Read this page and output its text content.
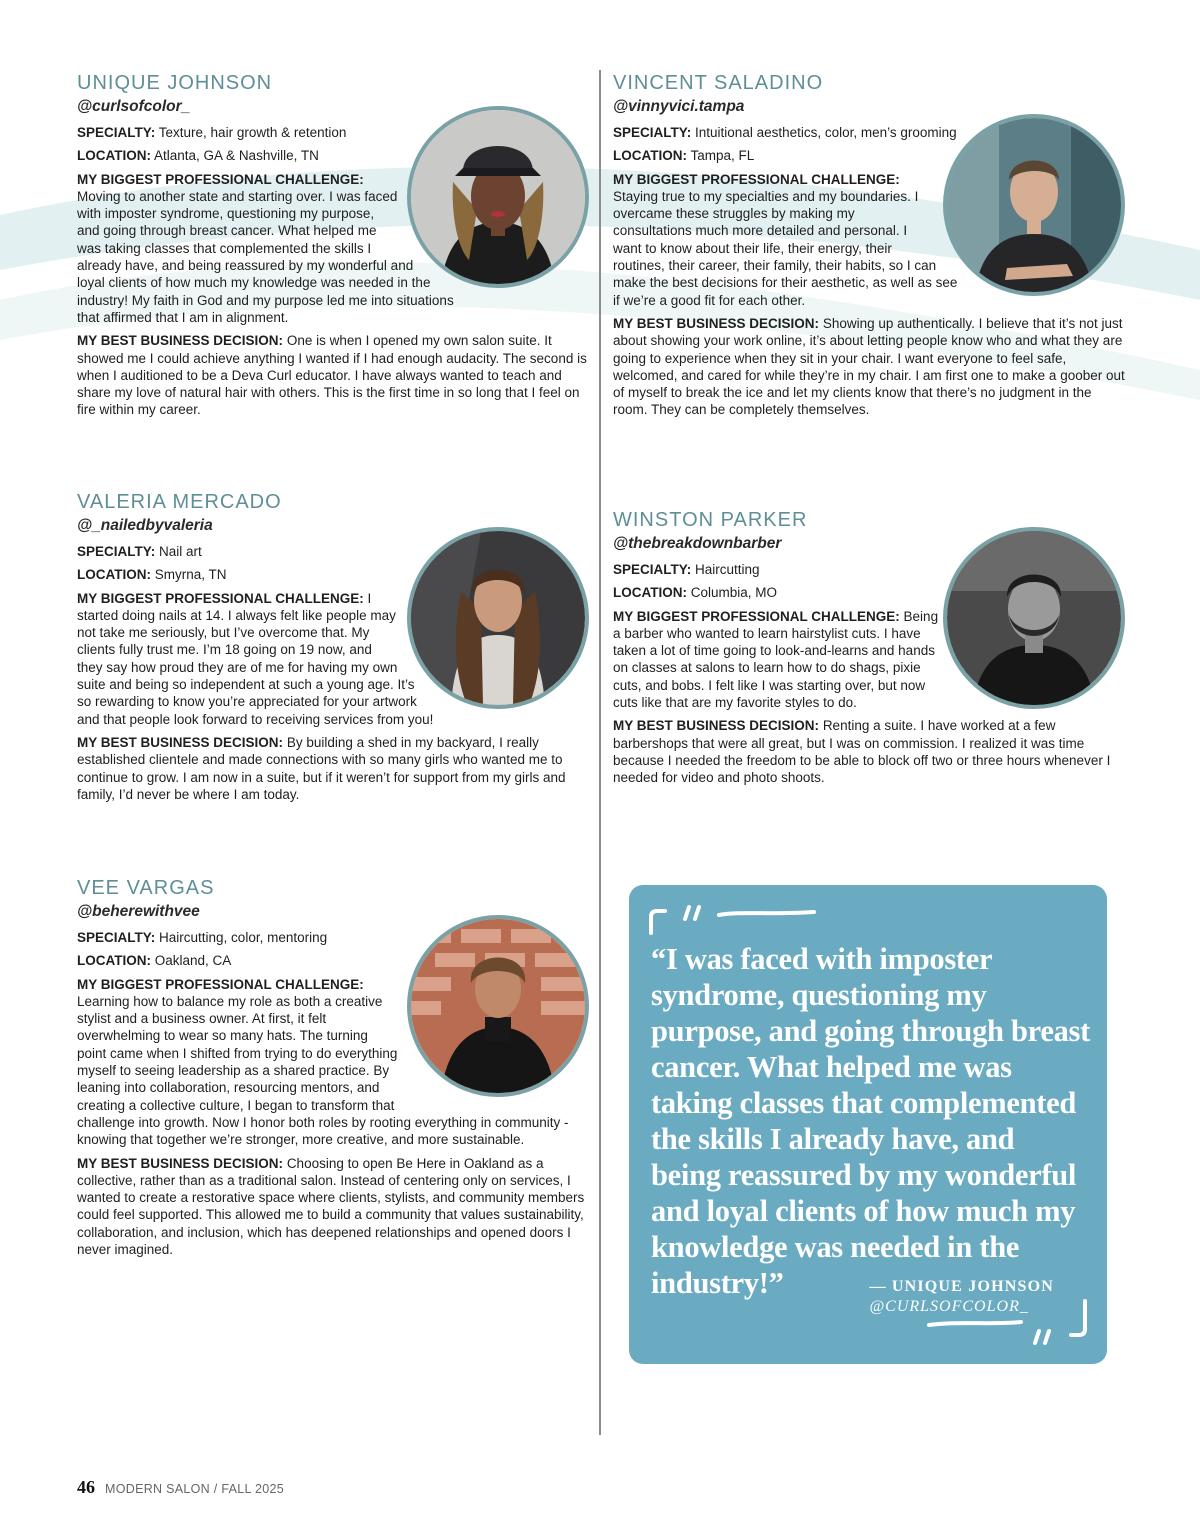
UNIQUE JOHNSON
@curlsofcolor_
SPECIALTY: Texture, hair growth & retention
LOCATION: Atlanta, GA & Nashville, TN
MY BIGGEST PROFESSIONAL CHALLENGE: Moving to another state and starting over. I was faced with imposter syndrome, questioning my purpose, and going through breast cancer. What helped me was taking classes that complemented the skills I already have, and being reassured by my wonderful and loyal clients of how much my knowledge was needed in the industry! My faith in God and my purpose led me into situations that affirmed that I am in alignment.
MY BEST BUSINESS DECISION: One is when I opened my own salon suite. It showed me I could achieve anything I wanted if I had enough audacity. The second is when I auditioned to be a Deva Curl educator. I have always wanted to teach and share my love of natural hair with others. This is the first time in so long that I feel on fire within my career.
VINCENT SALADINO
@vinnyvici.tampa
SPECIALTY: Intuitional aesthetics, color, men’s grooming
LOCATION: Tampa, FL
MY BIGGEST PROFESSIONAL CHALLENGE: Staying true to my specialties and my boundaries. I overcame these struggles by making my consultations much more detailed and personal. I want to know about their life, their energy, their routines, their career, their family, their habits, so I can make the best decisions for their aesthetic, as well as see if we’re a good fit for each other.
MY BEST BUSINESS DECISION: Showing up authentically. I believe that it’s not just about showing your work online, it’s about letting people know who and what they are going to experience when they sit in your chair. I want everyone to feel safe, welcomed, and cared for while they’re in my chair. I am first one to make a goober out of myself to break the ice and let my clients know that there’s no judgment in the room. They can be completely themselves.
VALERIA MERCADO
@_nailedbyvaleria
SPECIALTY: Nail art
LOCATION: Smyrna, TN
MY BIGGEST PROFESSIONAL CHALLENGE: I started doing nails at 14. I always felt like people may not take me seriously, but I’ve overcome that. My clients fully trust me. I’m 18 going on 19 now, and they say how proud they are of me for having my own suite and being so independent at such a young age. It’s so rewarding to know you’re appreciated for your artwork and that people look forward to receiving services from you!
MY BEST BUSINESS DECISION: By building a shed in my backyard, I really established clientele and made connections with so many girls who wanted me to continue to grow. I am now in a suite, but if it weren’t for support from my girls and family, I’d never be where I am today.
WINSTON PARKER
@thebreakdownbarber
SPECIALTY: Haircutting
LOCATION: Columbia, MO
MY BIGGEST PROFESSIONAL CHALLENGE: Being a barber who wanted to learn hairstylist cuts. I have taken a lot of time going to look-and-learns and hands on classes at salons to learn how to do shags, pixie cuts, and bobs. I felt like I was starting over, but now cuts like that are my favorite styles to do.
MY BEST BUSINESS DECISION: Renting a suite. I have worked at a few barbershops that were all great, but I was on commission. I realized it was time because I needed the freedom to be able to block off two or three hours whenever I needed for video and photo shoots.
VEE VARGAS
@beherewithvee
SPECIALTY: Haircutting, color, mentoring
LOCATION: Oakland, CA
MY BIGGEST PROFESSIONAL CHALLENGE: Learning how to balance my role as both a creative stylist and a business owner. At first, it felt overwhelming to wear so many hats. The turning point came when I shifted from trying to do everything myself to seeing leadership as a shared practice. By leaning into collaboration, resourcing mentors, and creating a collective culture, I began to transform that challenge into growth. Now I honor both roles by rooting everything in community - knowing that together we’re stronger, more creative, and more sustainable.
MY BEST BUSINESS DECISION: Choosing to open Be Here in Oakland as a collective, rather than as a traditional salon. Instead of centering only on services, I wanted to create a restorative space where clients, stylists, and community members could feel supported. This allowed me to build a community that values sustainability, collaboration, and inclusion, which has deepened relationships and opened doors I never imagined.
“I was faced with imposter syndrome, questioning my purpose, and going through breast cancer. What helped me was taking classes that complemented the skills I already have, and being reassured by my wonderful and loyal clients of how much my knowledge was needed in the industry!”	— UNIQUE JOHNSON
@CURLSOFCOLOR_
46 MODERN SALON / FALL 2025
